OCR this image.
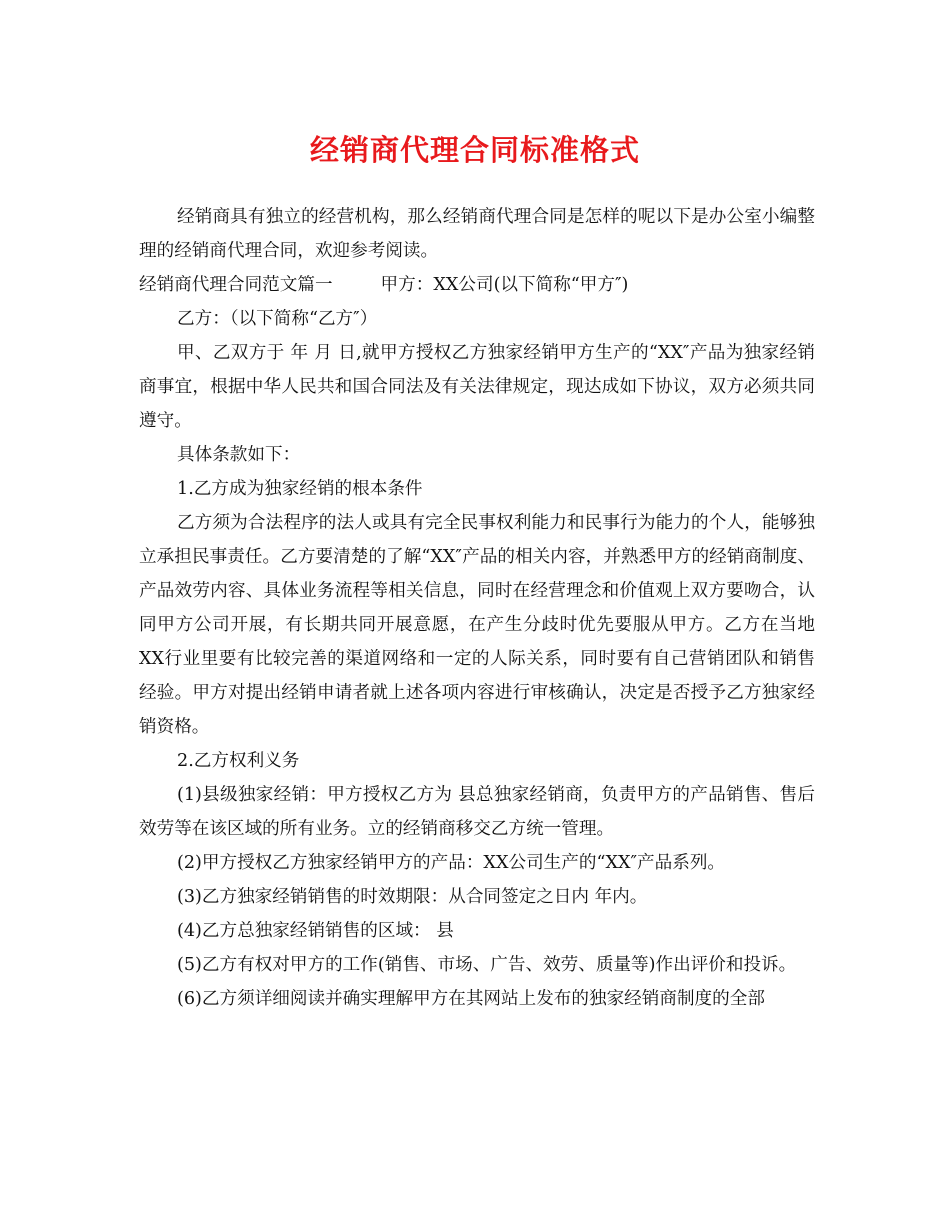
经销商代理合同标准格式

经销商具有独立的经营机构，那么经销商代理合同是怎样的呢以下是办公室小编整理的经销商代理合同，欢迎参考阅读。

经销商代理合同范文篇一	甲方：XX公司(以下简称“甲方″)

乙方：（以下简称“乙方″）

甲、乙双方于 年 月 日,就甲方授权乙方独家经销甲方生产的“XX″产品为独家经销商事宜，根据中华人民共和国合同法及有关法律规定，现达成如下协议，双方必须共同遵守。

具体条款如下：

1.乙方成为独家经销的根本条件

乙方须为合法程序的法人或具有完全民事权利能力和民事行为能力的个人，能够独立承担民事责任。乙方要清楚的了解“XX″产品的相关内容，并熟悉甲方的经销商制度、产品效劳内容、具体业务流程等相关信息，同时在经营理念和价值观上双方要吻合，认同甲方公司开展，有长期共同开展意愿，在产生分歧时优先要服从甲方。乙方在当地XX行业里要有比较完善的渠道网络和一定的人际关系，同时要有自己营销团队和销售经验。甲方对提出经销申请者就上述各项内容进行审核确认，决定是否授予乙方独家经销资格。

2.乙方权利义务

(1)县级独家经销：甲方授权乙方为 县总独家经销商，负责甲方的产品销售、售后效劳等在该区域的所有业务。立的经销商移交乙方统一管理。

(2)甲方授权乙方独家经销甲方的产品：XX公司生产的“XX″产品系列。

(3)乙方独家经销销售的时效期限：从合同签定之日内 年内。

(4)乙方总独家经销销售的区域： 县

(5)乙方有权对甲方的工作(销售、市场、广告、效劳、质量等)作出评价和投诉。

(6)乙方须详细阅读并确实理解甲方在其网站上发布的独家经销商制度的全部
